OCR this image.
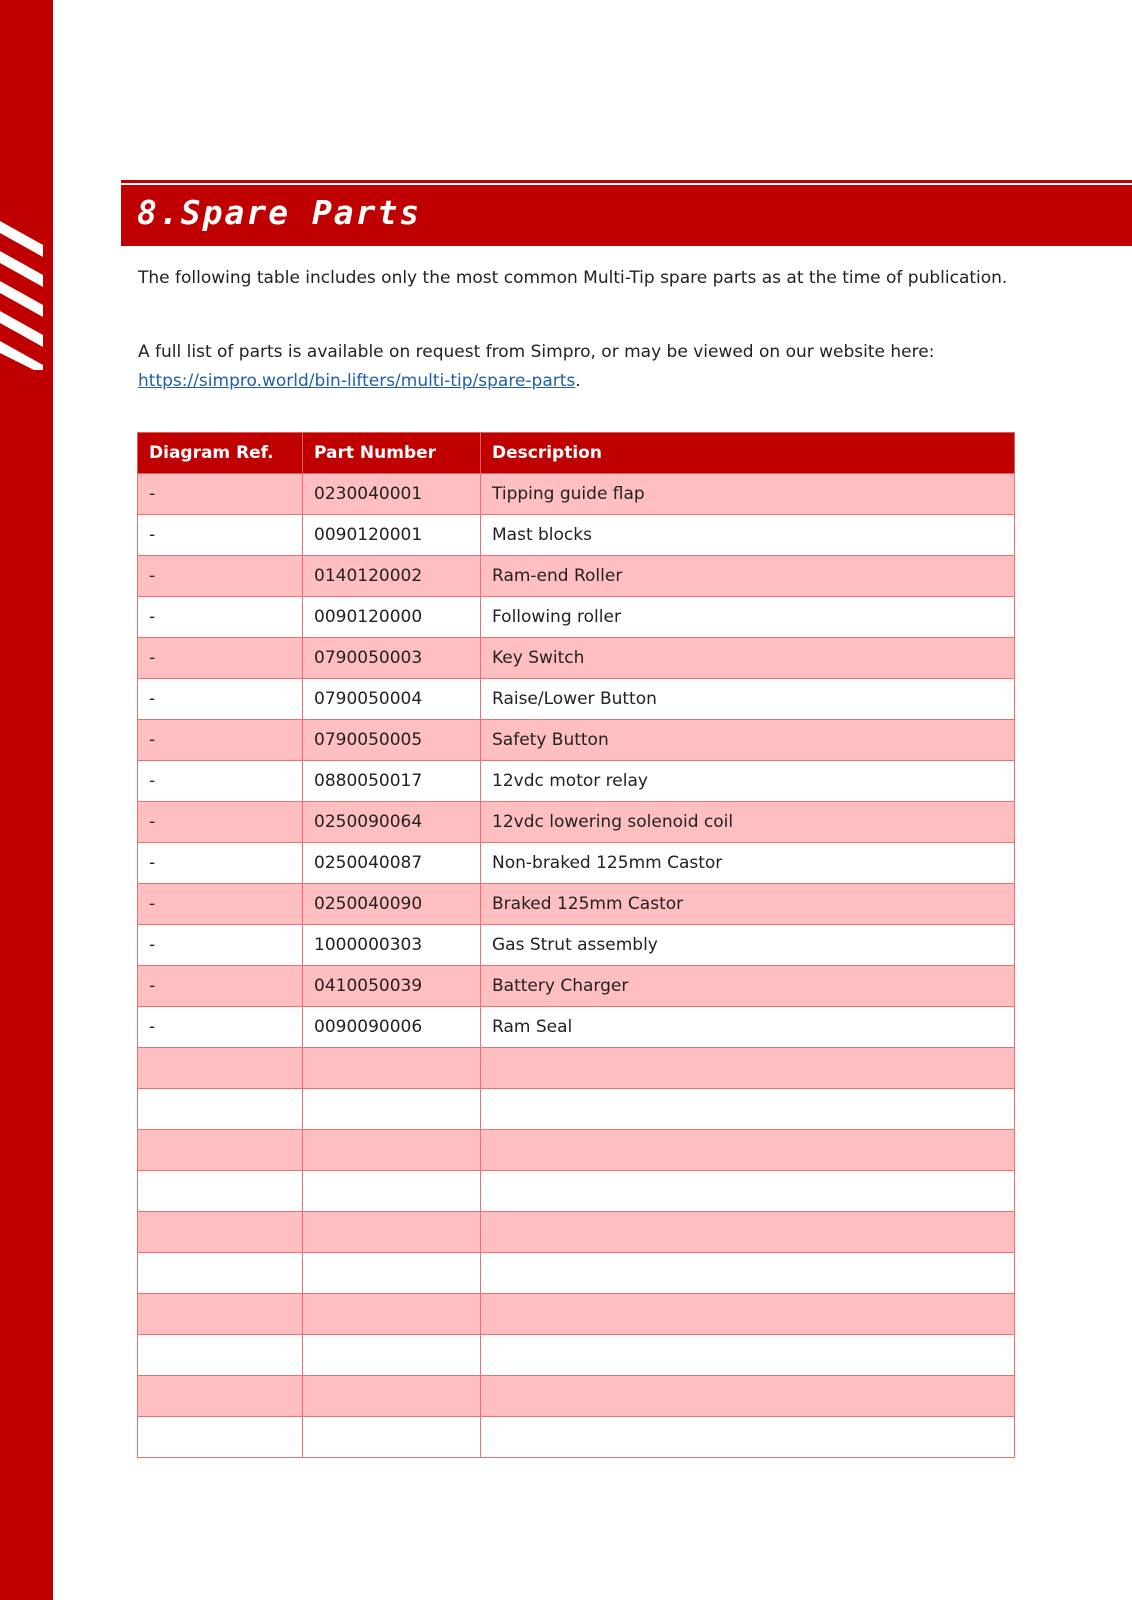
8.Spare Parts

The following table includes only the most common Multi-Tip spare parts as at the time of publication.

A full list of parts is available on request from Simpro, or may be viewed on our website here: https://simpro.world/bin-lifters/multi-tip/spare-parts.

Diagram Ref.	Part Number	Description
-	0230040001	Tipping guide flap
-	0090120001	Mast blocks
-	0140120002	Ram-end Roller
-	0090120000	Following roller
-	0790050003	Key Switch
-	0790050004	Raise/Lower Button
-	0790050005	Safety Button
-	0880050017	12vdc motor relay
-	0250090064	12vdc lowering solenoid coil
-	0250040087	Non-braked 125mm Castor
-	0250040090	Braked 125mm Castor
-	1000000303	Gas Strut assembly
-	0410050039	Battery Charger
-	0090090006	Ram Seal
